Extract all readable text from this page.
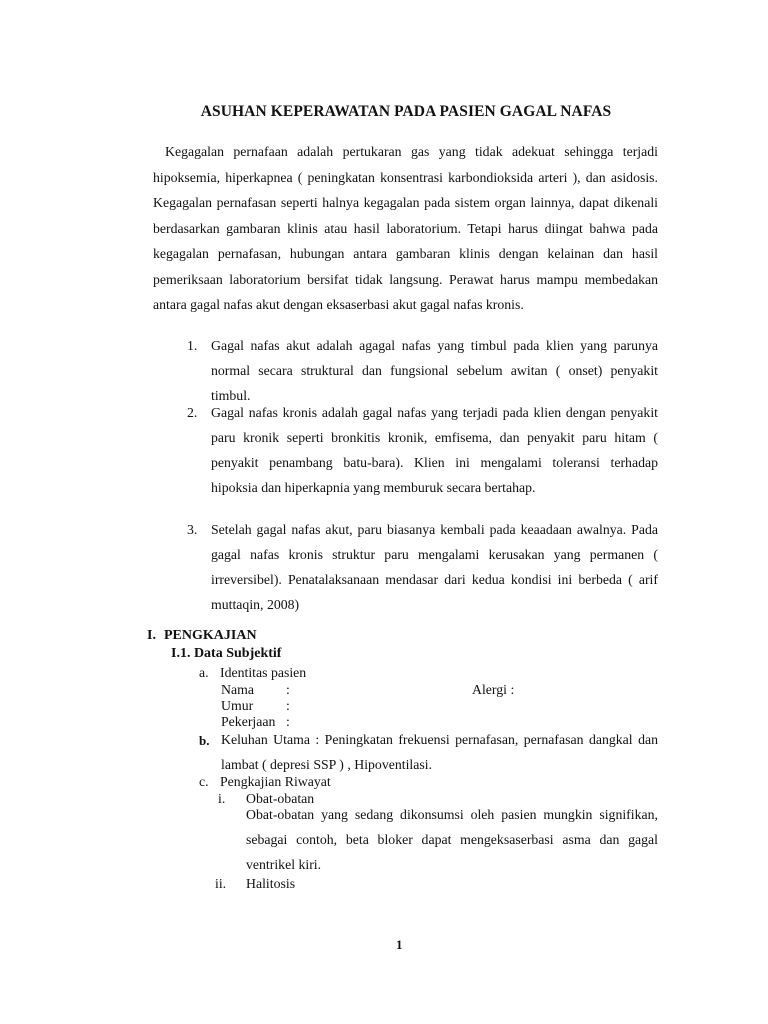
ASUHAN KEPERAWATAN PADA PASIEN GAGAL NAFAS

Kegagalan pernafaan adalah pertukaran gas yang tidak adekuat sehingga terjadi hipoksemia, hiperkapnea ( peningkatan konsentrasi karbondioksida arteri ), dan asidosis. Kegagalan pernafasan seperti halnya kegagalan pada sistem organ lainnya, dapat dikenali berdasarkan gambaran klinis atau hasil laboratorium. Tetapi harus diingat bahwa pada kegagalan pernafasan, hubungan antara gambaran klinis dengan kelainan dan hasil pemeriksaan laboratorium bersifat tidak langsung. Perawat harus mampu membedakan antara gagal nafas akut dengan eksaserbasi akut gagal nafas kronis.

1. Gagal nafas akut adalah agagal nafas yang timbul pada klien yang parunya normal secara struktural dan fungsional sebelum awitan ( onset) penyakit timbul.
2. Gagal nafas kronis adalah gagal nafas yang terjadi pada klien dengan penyakit paru kronik seperti bronkitis kronik, emfisema, dan penyakit paru hitam ( penyakit penambang batu-bara). Klien ini mengalami toleransi terhadap hipoksia dan hiperkapnia yang memburuk secara bertahap.
3. Setelah gagal nafas akut, paru biasanya kembali pada keaadaan awalnya. Pada gagal nafas kronis struktur paru mengalami kerusakan yang permanen ( irreversibel). Penatalaksanaan mendasar dari kedua kondisi ini berbeda ( arif muttaqin, 2008)
I. PENGKAJIAN
I.1. Data Subjektif
a. Identitas pasien
Nama :	Alergi :
Umur :
Pekerjaan :
b. Keluhan Utama : Peningkatan frekuensi pernafasan, pernafasan dangkal dan lambat ( depresi SSP ) , Hipoventilasi.
c. Pengkajian Riwayat
i. Obat-obatan
Obat-obatan yang sedang dikonsumsi oleh pasien mungkin signifikan, sebagai contoh, beta bloker dapat mengeksaserbasi asma dan gagal ventrikel kiri.
ii. Halitosis
1
